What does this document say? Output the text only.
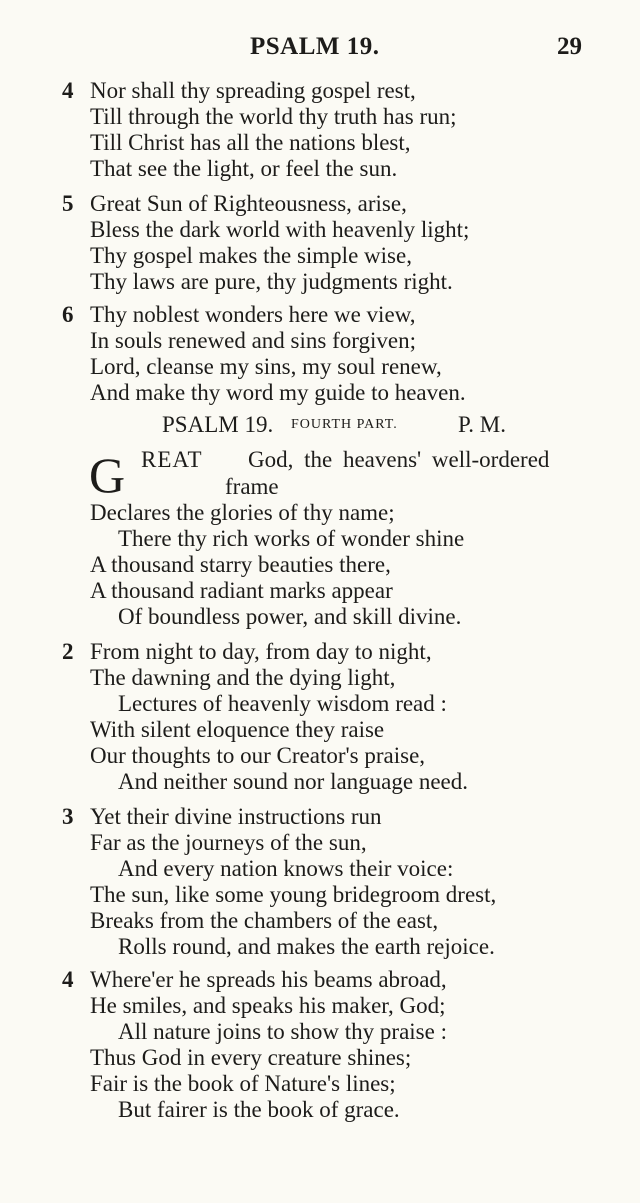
PSALM 19.	29
4 Nor shall thy spreading gospel rest,
Till through the world thy truth has run;
Till Christ has all the nations blest,
That see the light, or feel the sun.
5 Great Sun of Righteousness, arise,
Bless the dark world with heavenly light;
Thy gospel makes the simple wise,
Thy laws are pure, thy judgments right.
6 Thy noblest wonders here we view,
In souls renewed and sins forgiven;
Lord, cleanse my sins, my soul renew,
And make thy word my guide to heaven.
PSALM 19. FOURTH PART.	P. M.
G REAT God, the heavens' well-ordered
frame
Declares the glories of thy name;
There thy rich works of wonder shine
A thousand starry beauties there,
A thousand radiant marks appear
Of boundless power, and skill divine.
2 From night to day, from day to night,
The dawning and the dying light,
Lectures of heavenly wisdom read :
With silent eloquence they raise
Our thoughts to our Creator's praise,
And neither sound nor language need.
3 Yet their divine instructions run
Far as the journeys of the sun,
And every nation knows their voice:
The sun, like some young bridegroom drest,
Breaks from the chambers of the east,
Rolls round, and makes the earth rejoice.
4 Where'er he spreads his beams abroad,
He smiles, and speaks his maker, God;
All nature joins to show thy praise :
Thus God in every creature shines;
Fair is the book of Nature's lines;
But fairer is the book of grace.
